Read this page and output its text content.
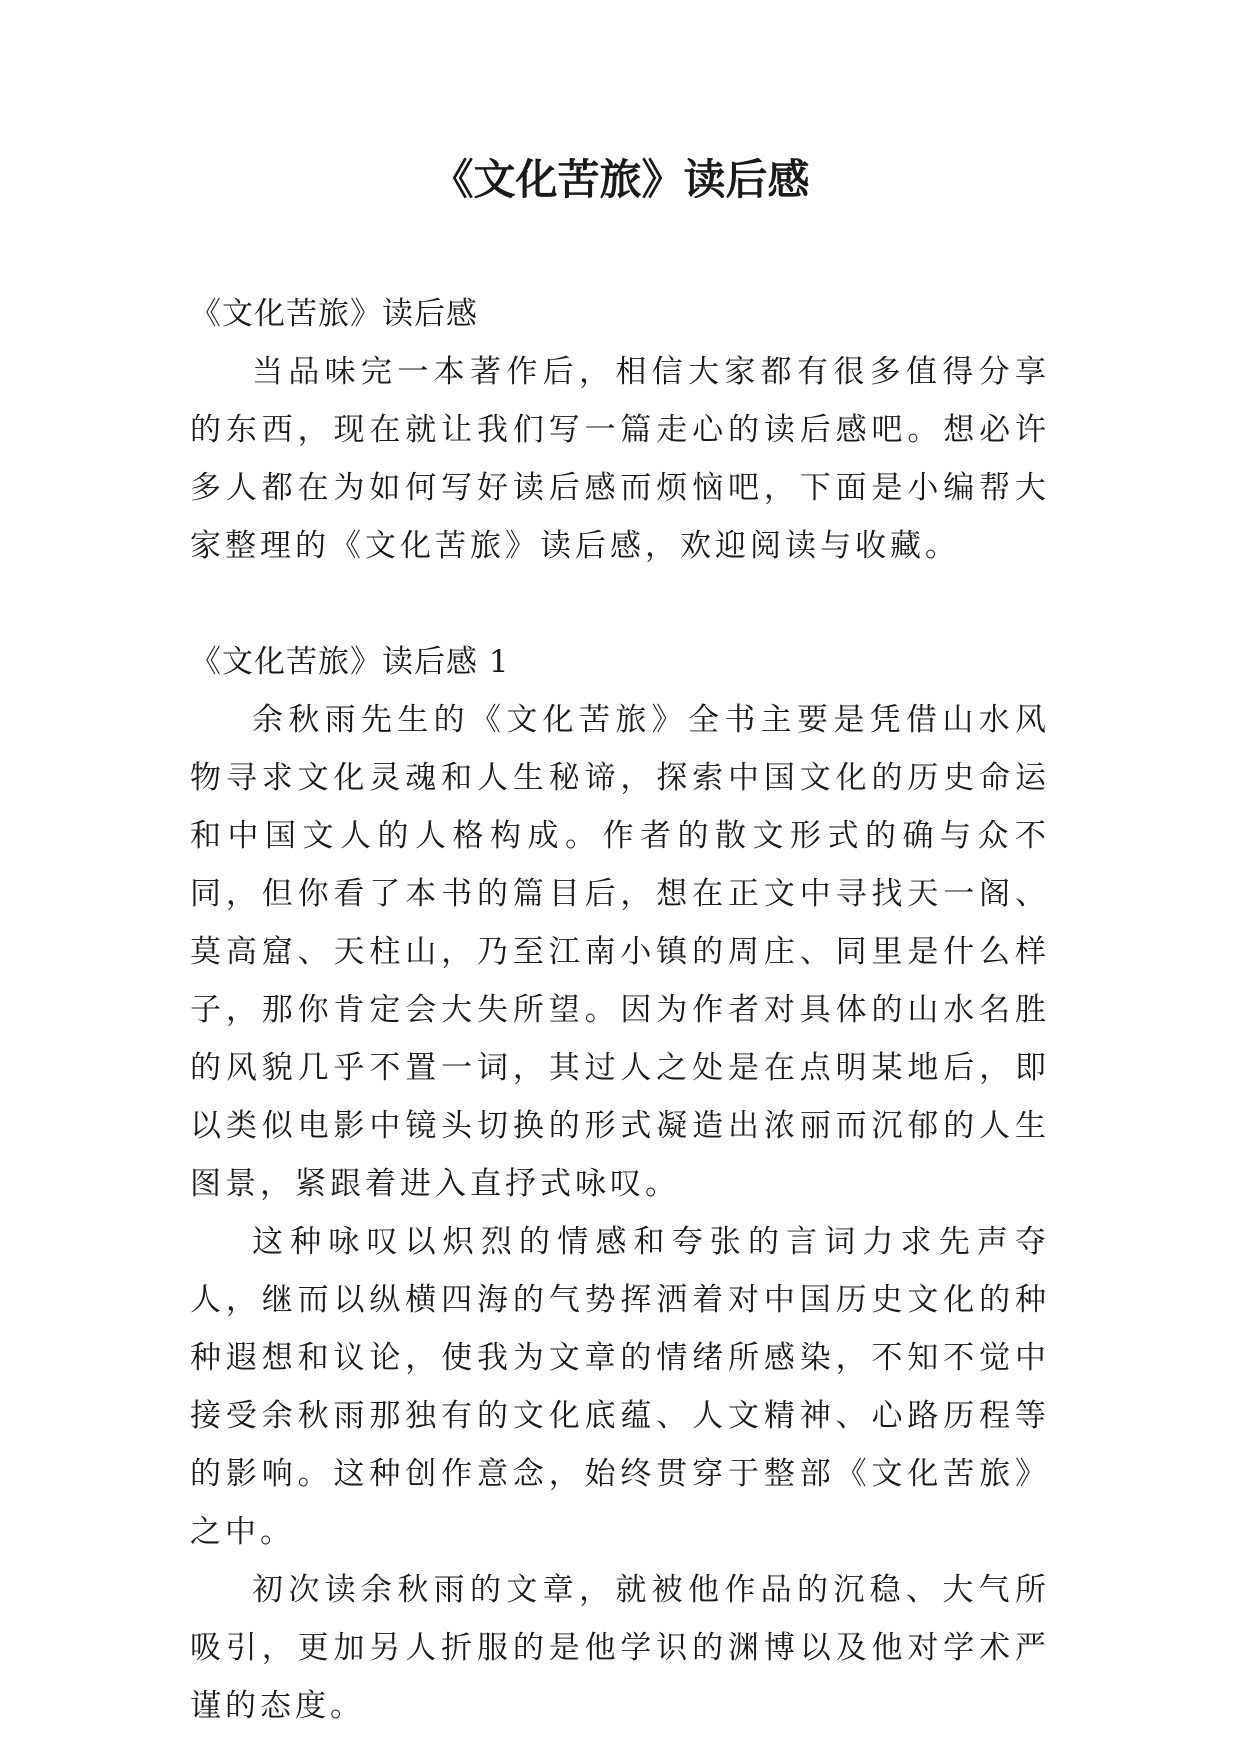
《文化苦旅》读后感

《文化苦旅》读后感

当品味完一本著作后，相信大家都有很多值得分享的东西，现在就让我们写一篇走心的读后感吧。想必许多人都在为如何写好读后感而烦恼吧，下面是小编帮大家整理的《文化苦旅》读后感，欢迎阅读与收藏。

《文化苦旅》读后感 1

余秋雨先生的《文化苦旅》全书主要是凭借山水风物寻求文化灵魂和人生秘谛，探索中国文化的历史命运和中国文人的人格构成。作者的散文形式的确与众不同，但你看了本书的篇目后，想在正文中寻找天一阁、莫高窟、天柱山，乃至江南小镇的周庄、同里是什么样子，那你肯定会大失所望。因为作者对具体的山水名胜的风貌几乎不置一词，其过人之处是在点明某地后，即以类似电影中镜头切换的形式凝造出浓丽而沉郁的人生图景，紧跟着进入直抒式咏叹。

这种咏叹以炽烈的情感和夸张的言词力求先声夺人，继而以纵横四海的气势挥洒着对中国历史文化的种种遐想和议论，使我为文章的情绪所感染，不知不觉中接受余秋雨那独有的文化底蕴、人文精神、心路历程等的影响。这种创作意念，始终贯穿于整部《文化苦旅》之中。

初次读余秋雨的文章，就被他作品的沉稳、大气所吸引，更加另人折服的是他学识的渊博以及他对学术严谨的态度。
